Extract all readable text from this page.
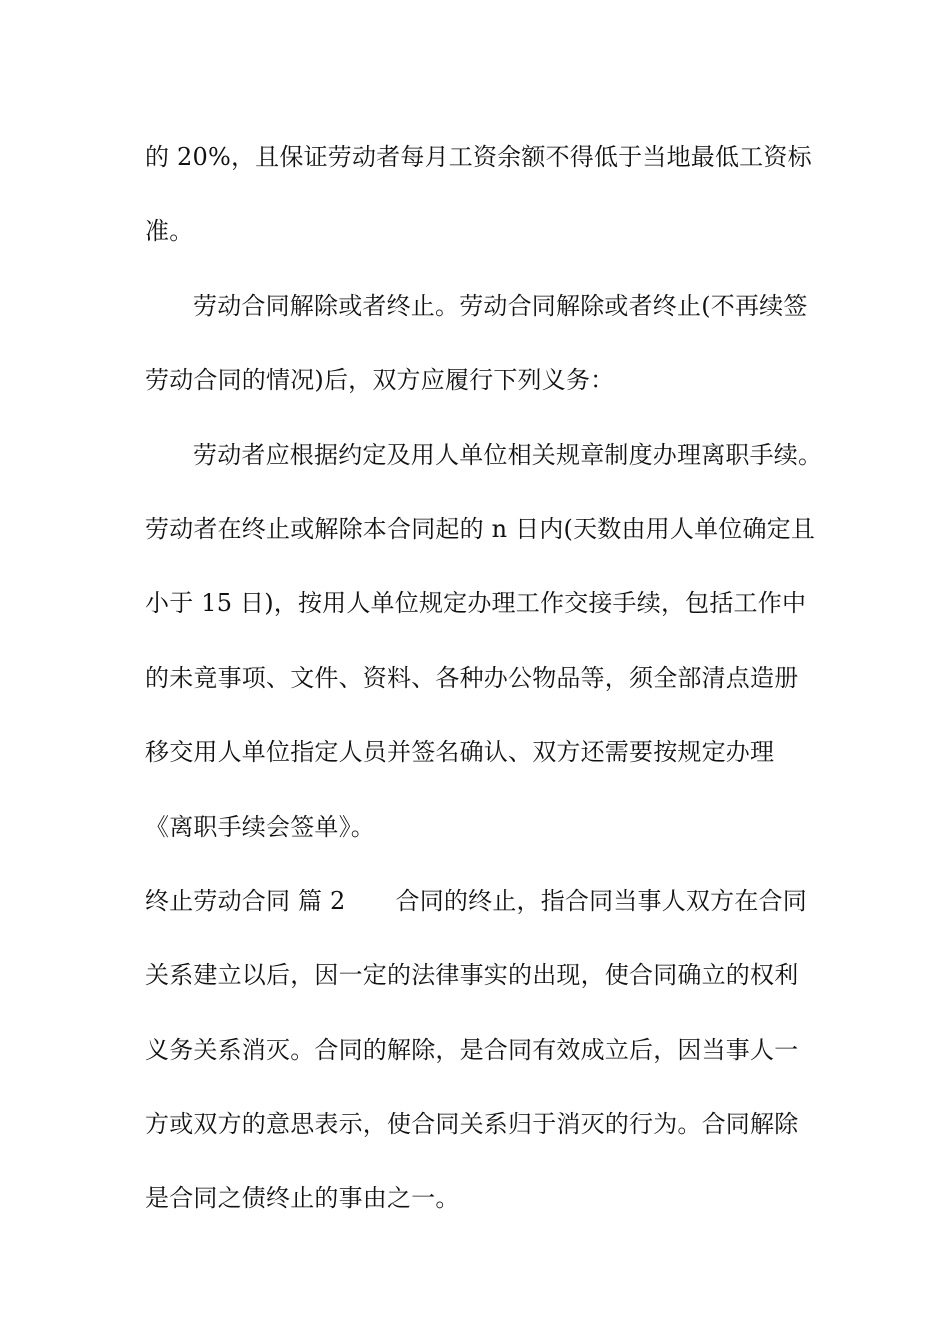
的 20%，且保证劳动者每月工资余额不得低于当地最低工资标
准。
劳动合同解除或者终止。劳动合同解除或者终止(不再续签
劳动合同的情况)后，双方应履行下列义务：
劳动者应根据约定及用人单位相关规章制度办理离职手续。
劳动者在终止或解除本合同起的 n 日内(天数由用人单位确定且
小于 15 日)，按用人单位规定办理工作交接手续，包括工作中
的未竟事项、文件、资料、各种办公物品等，须全部清点造册
移交用人单位指定人员并签名确认、双方还需要按规定办理
《离职手续会签单》。
终止劳动合同 篇 2 合同的终止，指合同当事人双方在合同
关系建立以后，因一定的法律事实的出现，使合同确立的权利
义务关系消灭。合同的解除，是合同有效成立后，因当事人一
方或双方的意思表示，使合同关系归于消灭的行为。合同解除
是合同之债终止的事由之一。
